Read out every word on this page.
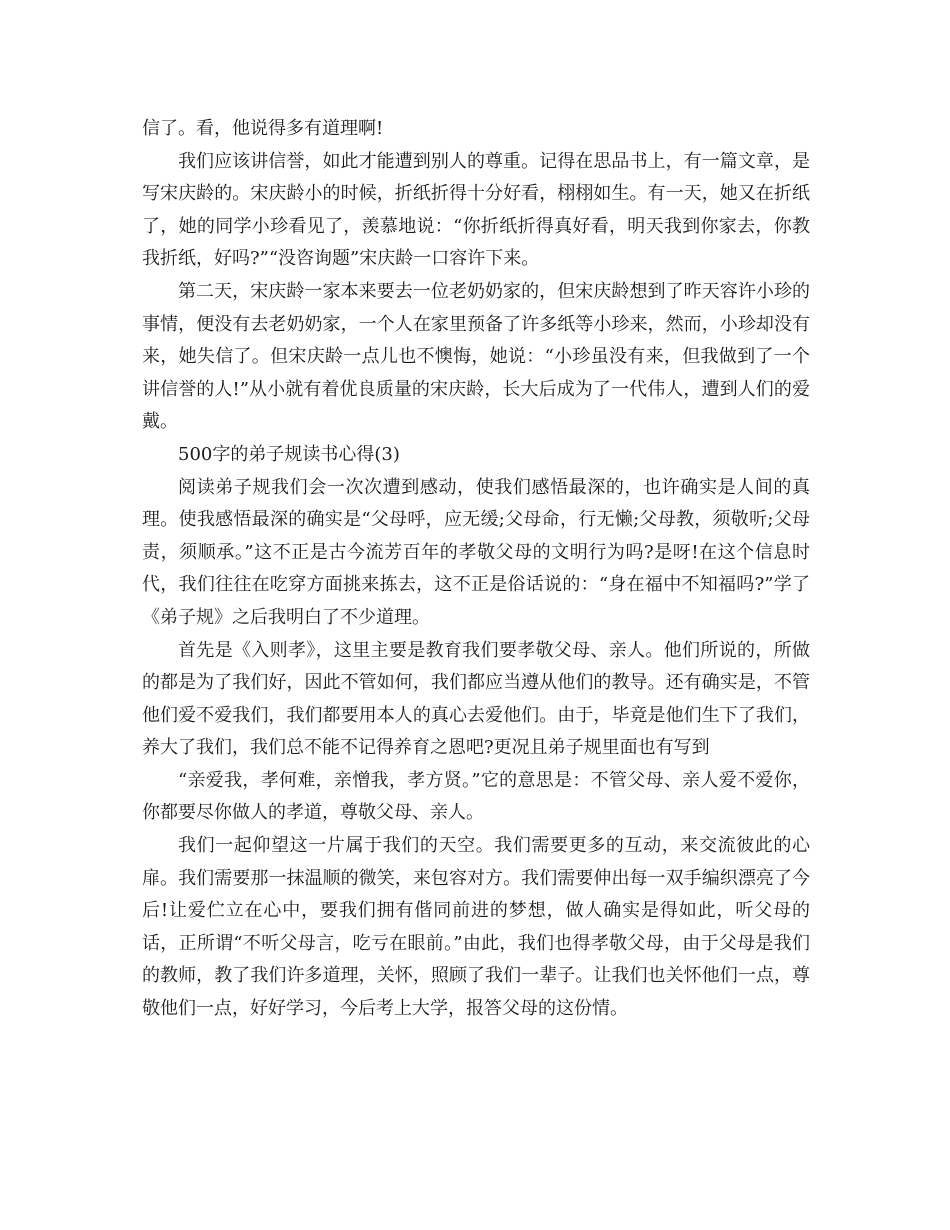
信了。看，他说得多有道理啊!

我们应该讲信誉，如此才能遭到别人的尊重。记得在思品书上，有一篇文章，是写宋庆龄的。宋庆龄小的时候，折纸折得十分好看，栩栩如生。有一天，她又在折纸了，她的同学小珍看见了，羡慕地说：“你折纸折得真好看，明天我到你家去，你教我折纸，好吗?”“没咨询题”宋庆龄一口容许下来。

第二天，宋庆龄一家本来要去一位老奶奶家的，但宋庆龄想到了昨天容许小珍的事情，便没有去老奶奶家，一个人在家里预备了许多纸等小珍来，然而，小珍却没有来，她失信了。但宋庆龄一点儿也不懊悔，她说：“小珍虽没有来，但我做到了一个讲信誉的人!”从小就有着优良质量的宋庆龄，长大后成为了一代伟人，遭到人们的爱戴。

500字的弟子规读书心得(3)

阅读弟子规我们会一次次遭到感动，使我们感悟最深的，也许确实是人间的真理。使我感悟最深的确实是“父母呼，应无缓;父母命，行无懒;父母教，须敬听;父母责，须顺承。”这不正是古今流芳百年的孝敬父母的文明行为吗?是呀!在这个信息时代，我们往往在吃穿方面挑来拣去，这不正是俗话说的：“身在福中不知福吗?”学了《弟子规》之后我明白了不少道理。

首先是《入则孝》，这里主要是教育我们要孝敬父母、亲人。他们所说的，所做的都是为了我们好，因此不管如何，我们都应当遵从他们的教导。还有确实是，不管他们爱不爱我们，我们都要用本人的真心去爱他们。由于，毕竟是他们生下了我们，养大了我们，我们总不能不记得养育之恩吧?更况且弟子规里面也有写到

“亲爱我，孝何难，亲憎我，孝方贤。”它的意思是：不管父母、亲人爱不爱你，你都要尽你做人的孝道，尊敬父母、亲人。

我们一起仰望这一片属于我们的天空。我们需要更多的互动，来交流彼此的心扉。我们需要那一抹温顺的微笑，来包容对方。我们需要伸出每一双手编织漂亮了今后!让爱伫立在心中，要我们拥有偕同前进的梦想，做人确实是得如此，听父母的话，正所谓“不听父母言，吃亏在眼前。”由此，我们也得孝敬父母，由于父母是我们的教师，教了我们许多道理，关怀，照顾了我们一辈子。让我们也关怀他们一点，尊敬他们一点，好好学习，今后考上大学，报答父母的这份情。
